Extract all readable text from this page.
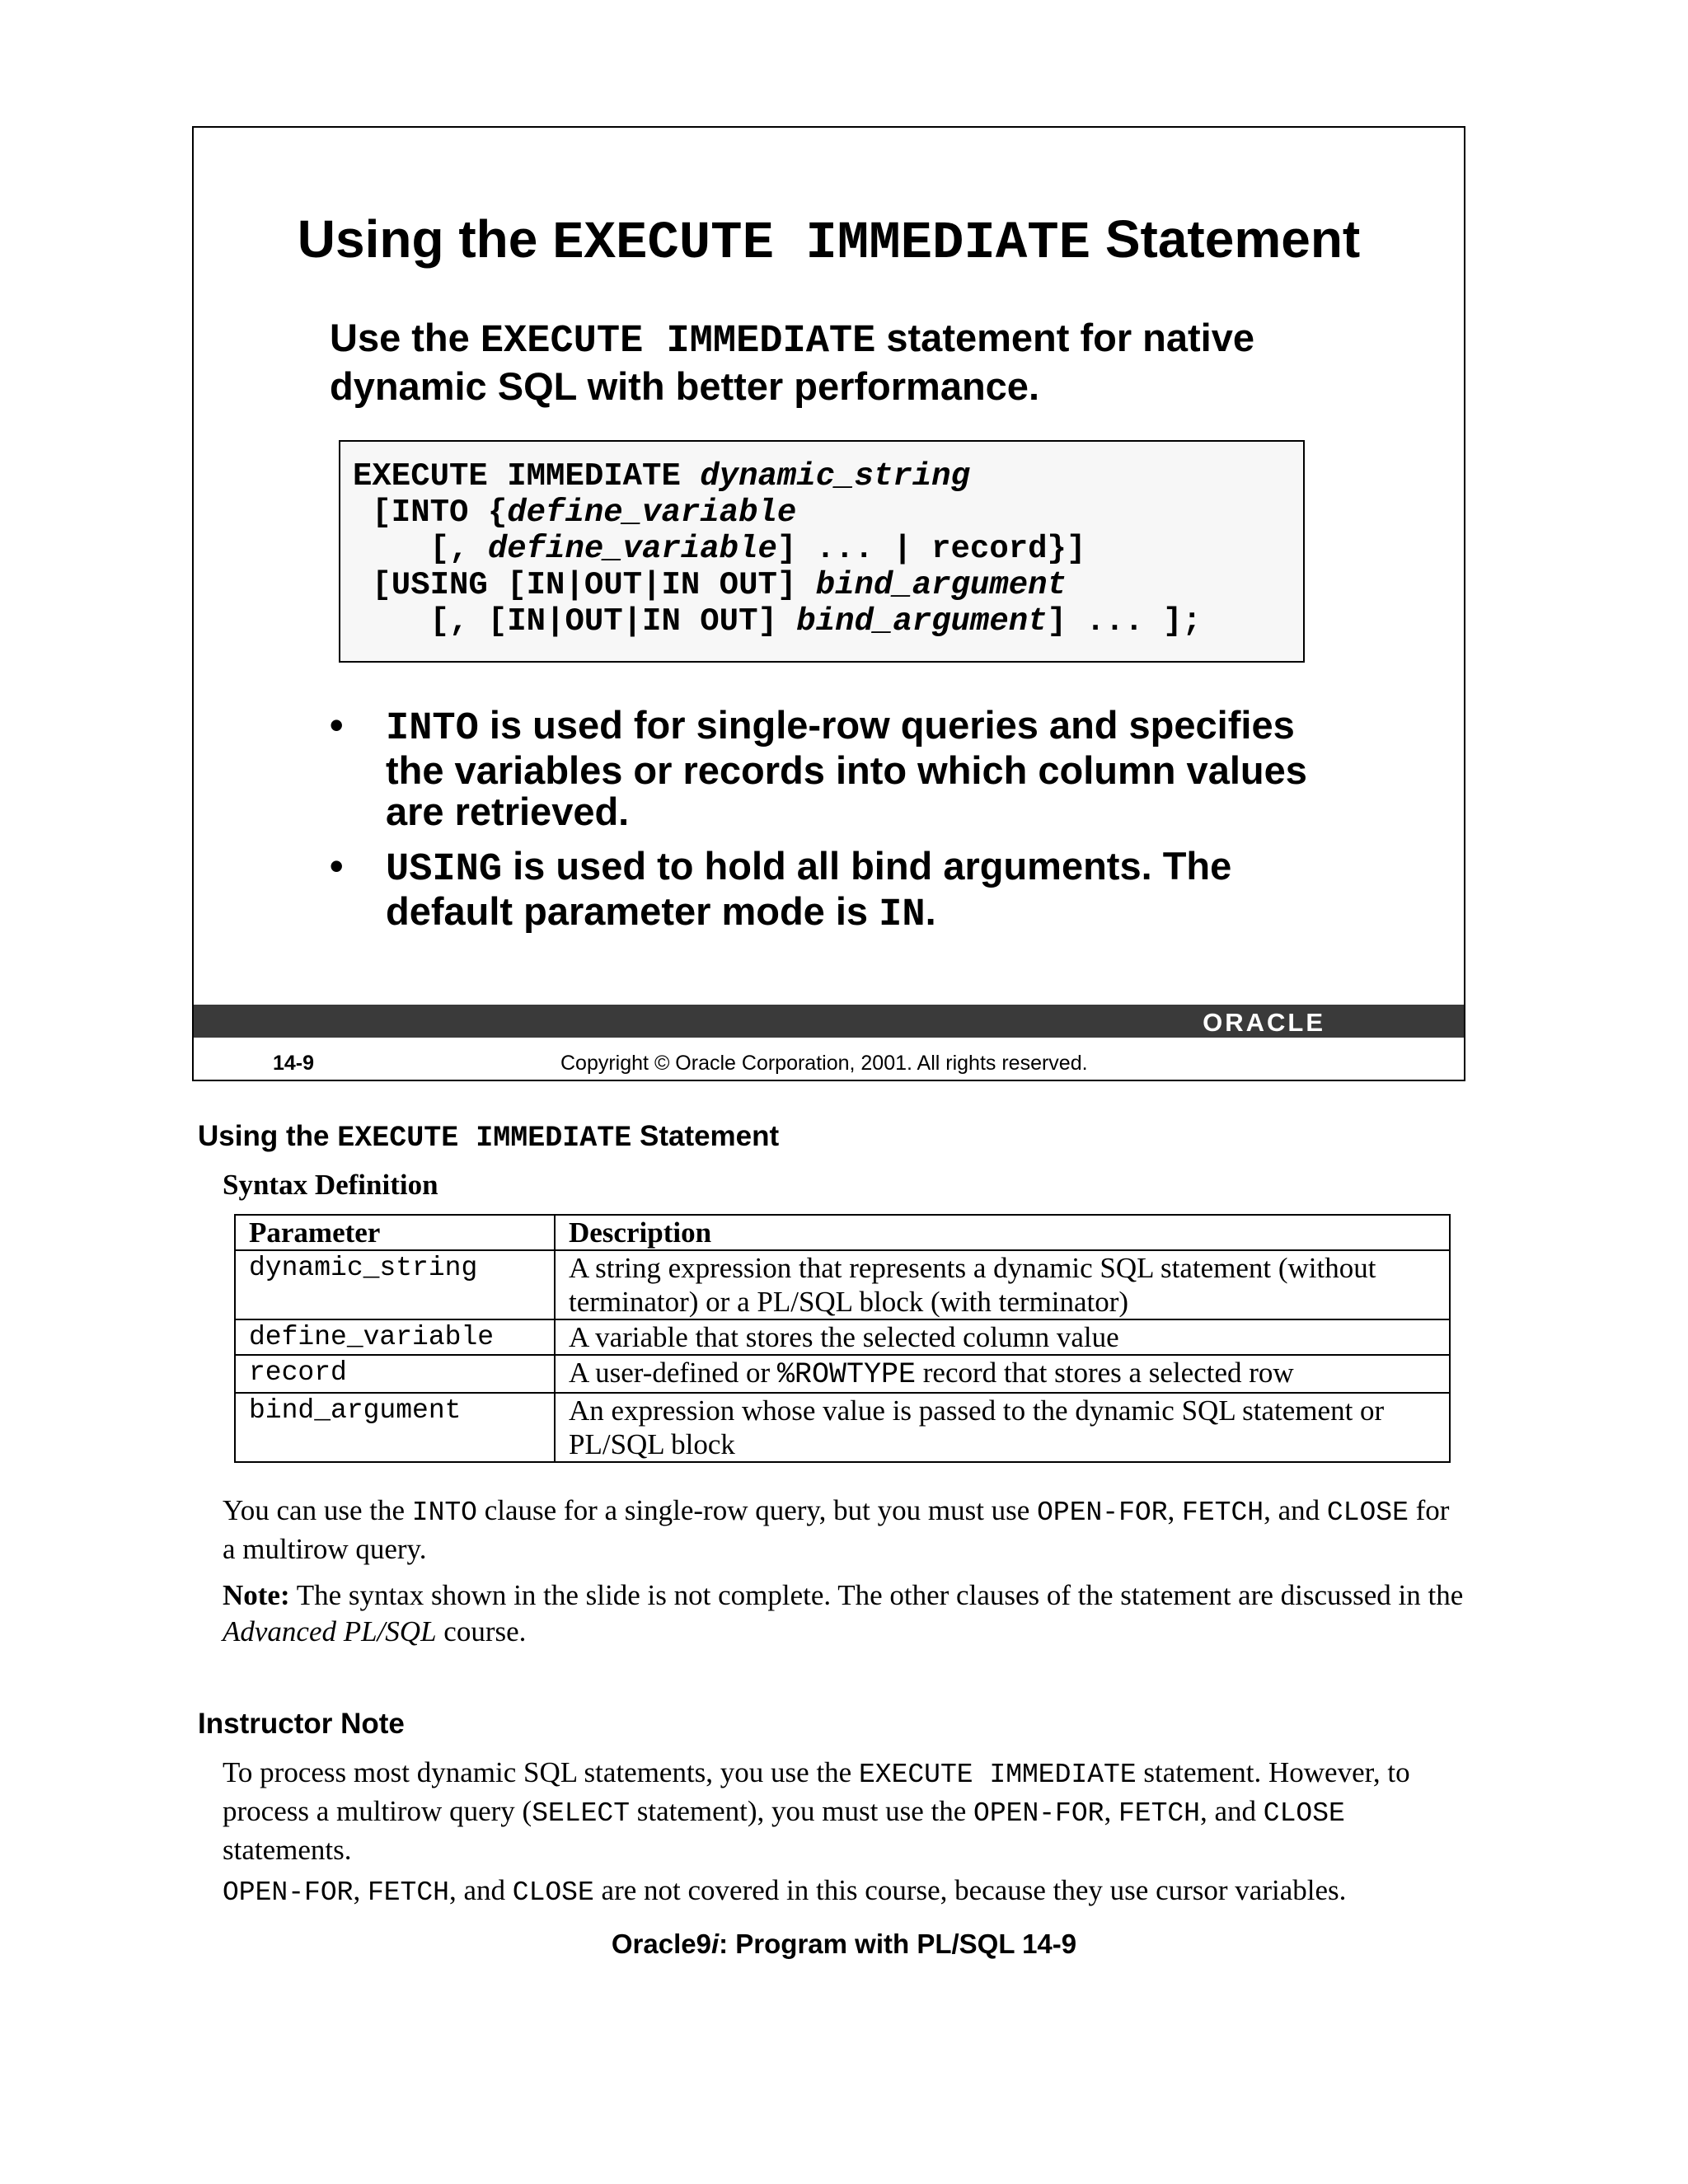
Using the EXECUTE IMMEDIATE Statement
Use the EXECUTE IMMEDIATE statement for native dynamic SQL with better performance.
EXECUTE IMMEDIATE dynamic_string
[INTO {define_variable
[, define_variable] ... | record}]
[USING [IN|OUT|IN OUT] bind_argument
[, [IN|OUT|IN OUT] bind_argument] ... ];
• INTO is used for single-row queries and specifies the variables or records into which column values are retrieved.
• USING is used to hold all bind arguments. The default parameter mode is IN.
ORACLE
14-9	Copyright © Oracle Corporation, 2001. All rights reserved.
Using the EXECUTE IMMEDIATE Statement
Syntax Definition
Parameter	Description
dynamic_string	A string expression that represents a dynamic SQL statement (without terminator) or a PL/SQL block (with terminator)
define_variable	A variable that stores the selected column value
record	A user-defined or %ROWTYPE record that stores a selected row
bind_argument	An expression whose value is passed to the dynamic SQL statement or PL/SQL block
You can use the INTO clause for a single-row query, but you must use OPEN-FOR, FETCH, and CLOSE for a multirow query.
Note: The syntax shown in the slide is not complete. The other clauses of the statement are discussed in the Advanced PL/SQL course.
Instructor Note
To process most dynamic SQL statements, you use the EXECUTE IMMEDIATE statement. However, to process a multirow query (SELECT statement), you must use the OPEN-FOR, FETCH, and CLOSE statements.
OPEN-FOR, FETCH, and CLOSE are not covered in this course, because they use cursor variables.
Oracle9i: Program with PL/SQL 14-9
